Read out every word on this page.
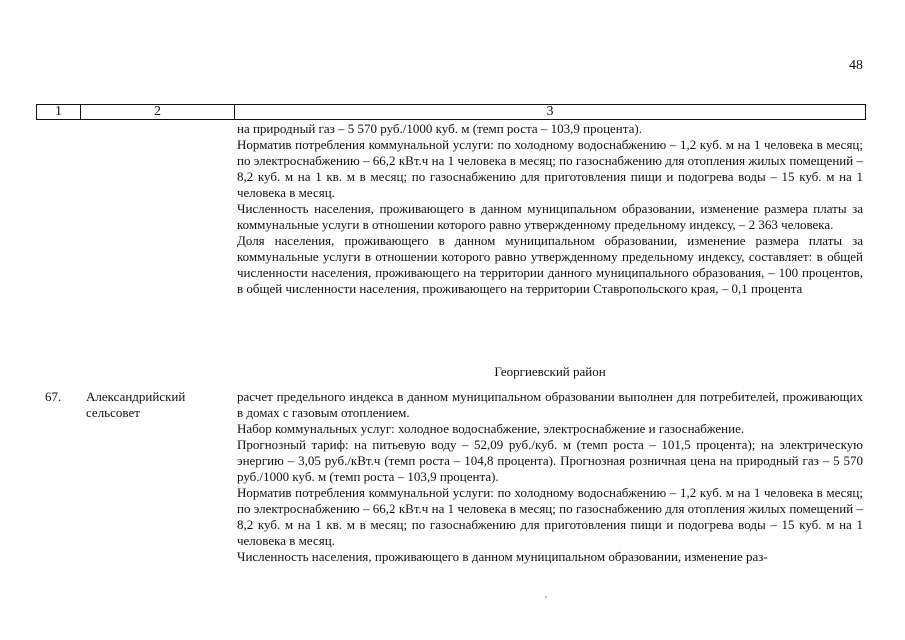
48
1	2	3

на природный газ – 5 570 руб./1000 куб. м (темп роста – 103,9 процента).

Норматив потребления коммунальной услуги: по холодному водоснабжению – 1,2 куб. м на 1 человека в месяц; по электроснабжению – 66,2 кВт.ч на 1 человека в месяц; по газоснабжению для отопления жилых помещений – 8,2 куб. м на 1 кв. м в месяц; по газоснабжению для приготовления пищи и подогрева воды – 15 куб. м на 1 человека в месяц.

Численность населения, проживающего в данном муниципальном образовании, изменение размера платы за коммунальные услуги в отношении которого равно утвержденному предельному индексу, – 2 363 человека.

Доля населения, проживающего в данном муниципальном образовании, изменение размера платы за коммунальные услуги в отношении которого равно утвержденному предельному индексу, составляет: в общей численности населения, проживающего на территории данного муниципального образования, – 100 процентов, в общей численности населения, проживающего на территории Ставропольского края, – 0,1 процента

Георгиевский район
67. Александрийский
сельсовет

расчет предельного индекса в данном муниципальном образовании выполнен для потребителей, проживающих в домах с газовым отоплением.

Набор коммунальных услуг: холодное водоснабжение, электроснабжение и газоснабжение.

Прогнозный тариф: на питьевую воду – 52,09 руб./куб. м (темп роста – 101,5 процента); на электрическую энергию – 3,05 руб./кВт.ч (темп роста – 104,8 процента). Прогнозная розничная цена на природный газ – 5 570 руб./1000 куб. м (темп роста – 103,9 процента).

Норматив потребления коммунальной услуги: по холодному водоснабжению – 1,2 куб. м на 1 человека в месяц; по электроснабжению – 66,2 кВт.ч на 1 человека в месяц; по газоснабжению для отопления жилых помещений – 8,2 куб. м на 1 кв. м в месяц; по газоснабжению для приготовления пищи и подогрева воды – 15 куб. м на 1 человека в месяц.

Численность населения, проживающего в данном муниципальном образовании, изменение раз-
